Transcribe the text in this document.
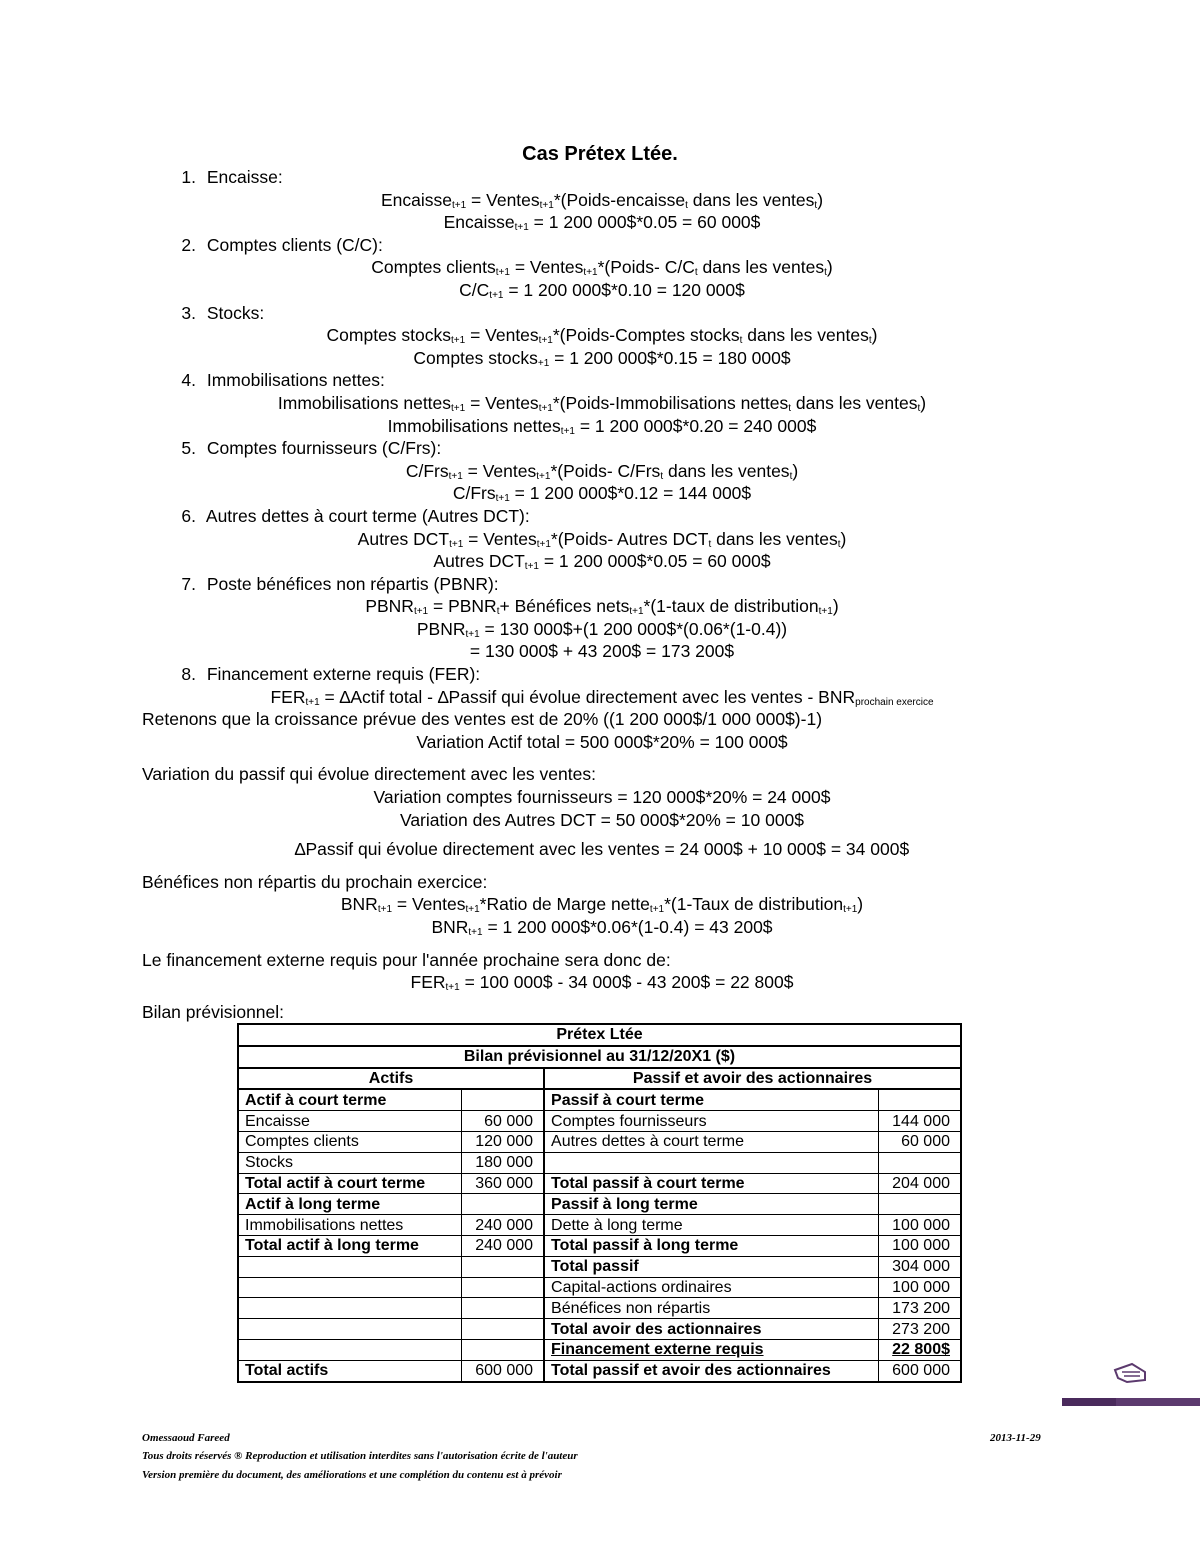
Cas Prétex Ltée.
1. Encaisse:
Encaisse$_{t+1}$ = Ventes$_{t+1}$*(Poids-encaisse$_t$ dans les ventes$_t$)
Encaisse$_{t+1}$ = 1 200 000$*0.05 = 60 000$
2. Comptes clients (C/C):
Comptes clients$_{t+1}$ = Ventes$_{t+1}$*(Poids- $C/C_t$ dans les ventes$_t$)
$C/C_{t+1} = 1$ 200 000$*0.10 = 120 000$
3. Stocks:
Comptes stocks$_{t+1}$ = Ventes$_{t+1}$*(Poids-Comptes stocks$_t$ dans les ventes$_t$)
Comptes stocks$_{+1}$ = 1 200 000$*0.15 = 180 000$
4. Immobilisations nettes:
Immobilisations nettes$_{t+1}$ = Ventes$_{t+1}$*(Poids-Immobilisations nettes$_t$ dans les ventes$_t$)
Immobilisations nettes$_{t+1}$ = 1 200 000$*0.20 = 240 000$
5. Comptes fournisseurs (C/Frs):
C/Frs$_{t+1}$ = Ventes$_{t+1}$*(Poids- C/Frs$_t$ dans les ventes$_t$)
C/Frs$_{t+1}$ = 1 200 000$*0.12 = 144 000$
6. Autres dettes à court terme (Autres DCT):
Autres $DCT_{t+1}$ = Ventes$_{t+1}$*(Poids- Autres $DCT_t$ dans les ventes$_t$)
Autres $DCT_{t+1} = 1$ 200 000$*0.05 = 60 000$
7. Poste bénéfices non répartis (PBNR):
$PBNR_{t+1}$ = $PBNR_t+$ Bénéfices nets$_{t+1}$*(1-taux de distribution$_{t+1}$)
$PBNR_{t+1} = 130$ 000$+(1 200 000$*(0.06*(1-0.4))
= 130 000$ + 43 200$ = 173 200$
8. Financement externe requis (FER):
$FER_{t+1}$ = ∆Actif total - ∆Passif qui évolue directement avec les ventes - $BNR_{prochain exercice}$
Retenons que la croissance prévue des ventes est de 20% ((1 200 000$/1 000 000$)-1)
Variation Actif total = 500 000$*20% = 100 000$
Variation du passif qui évolue directement avec les ventes:
Variation comptes fournisseurs = 120 000$*20% = 24 000$
Variation des Autres DCT = 50 000$*20% = 10 000$
∆Passif qui évolue directement avec les ventes = 24 000$ + 10 000$ = 34 000$
Bénéfices non répartis du prochain exercice:
$BNR_{t+1}$ = Ventes$_{t+1}$*Ratio de Marge nette$_{t+1}$*(1-Taux de distribution$_{t+1}$)
$BNR_{t+1} = 1$ 200 000$*0.06*(1-0.4) = 43 200$
Le financement externe requis pour l'année prochaine sera donc de:
$FER_{t+1} = 100$ 000$ - 34 000$ - 43 200$ = 22 800$
Bilan prévisionnel:
Prétex Ltée			
Bilan prévisionnel au 31/12/20X1 ($)			
Actifs		Passif et avoir des actionnaires	
Actif à court terme		Passif à court terme	
Encaisse	60 000	Comptes fournisseurs	144 000
Comptes clients	120 000	Autres dettes à court terme	60 000
Stocks	180 000		
Total actif à court terme	360 000	Total passif à court terme	204 000
Actif à long terme		Passif à long terme	
Immobilisations nettes	240 000	Dette à long terme	100 000
Total actif à long terme	240 000	Total passif à long terme	100 000
		Total passif	304 000
		Capital-actions ordinaires	100 000
		Bénéfices non répartis	173 200
		Total avoir des actionnaires	273 200
		Financement externe requis	22 800$
Total actifs	600 000	Total passif et avoir des actionnaires	600 000
Omessaoud Fareed	2013-11-29
Tous droits réservés ® Reproduction et utilisation interdites sans l'autorisation écrite de l'auteur
Version première du document, des améliorations et une complétion du contenu est à prévoir
